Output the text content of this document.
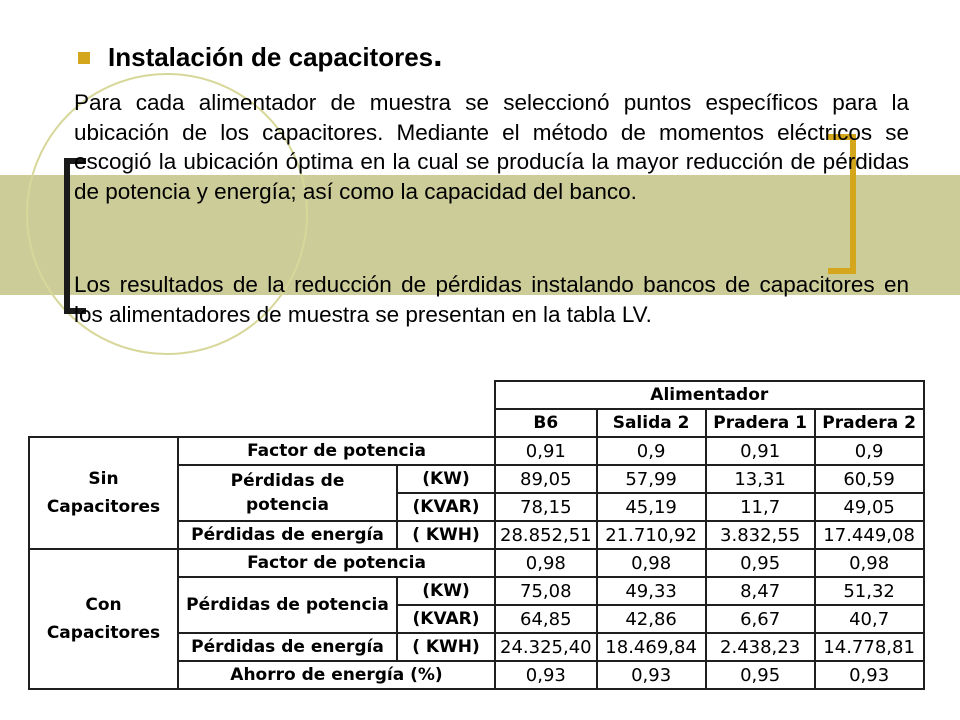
Instalación de capacitores.

Para cada alimentador de muestra se seleccionó puntos específicos para la ubicación de los capacitores. Mediante el método de momentos eléctricos se escogió la ubicación óptima en la cual se producía la mayor reducción de pérdidas de potencia y energía; así como la capacidad del banco.

Los resultados de la reducción de pérdidas instalando bancos de capacitores en los alimentadores de muestra se presentan en la tabla LV.

			Alimentador			
			B6	Salida 2	Pradera 1	Pradera 2
Sin
Capacitores	Factor de potencia		0,91	0,9	0,91	0,9
	Pérdidas de
potencia	(KW)	89,05	57,99	13,31	60,59
		(KVAR)	78,15	45,19	11,7	49,05
	Pérdidas de energía	( KWH)	28.852,51	21.710,92	3.832,55	17.449,08
Con
Capacitores	Factor de potencia		0,98	0,98	0,95	0,98
	Pérdidas de potencia	(KW)	75,08	49,33	8,47	51,32
		(KVAR)	64,85	42,86	6,67	40,7
	Pérdidas de energía	( KWH)	24.325,40	18.469,84	2.438,23	14.778,81
	Ahorro de energía (%)		0,93	0,93	0,95	0,93
